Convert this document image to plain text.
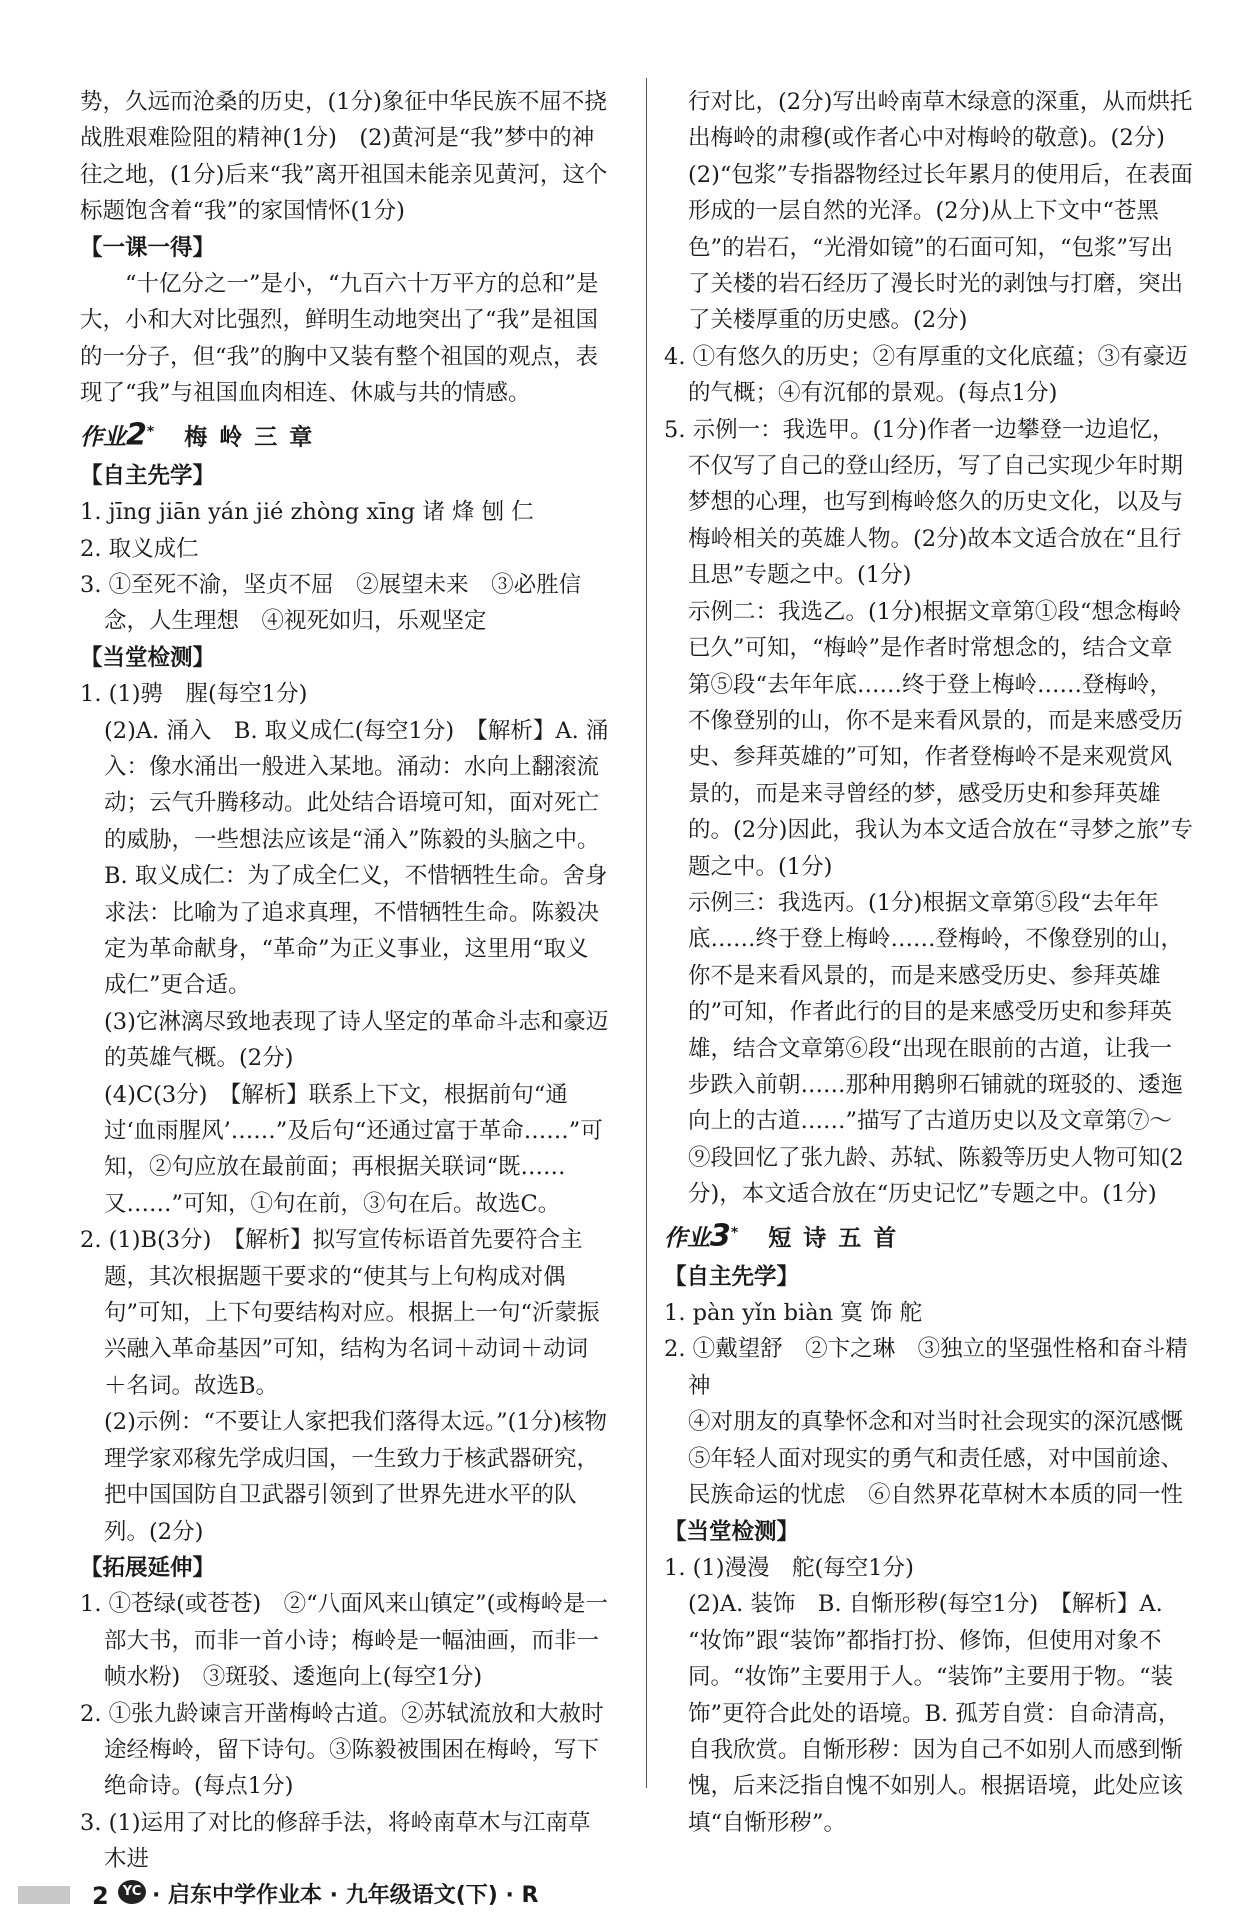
势，久远而沧桑的历史，(1分)象征中华民族不屈不挠战胜艰难险阻的精神(1分)　(2)黄河是“我”梦中的神往之地，(1分)后来“我”离开祖国未能亲见黄河，这个标题饱含着“我”的家国情怀(1分)

【一课一得】

“十亿分之一”是小，“九百六十万平方的总和”是大，小和大对比强烈，鲜明生动地突出了“我”是祖国的一分子，但“我”的胸中又装有整个祖国的观点，表现了“我”与祖国血肉相连、休戚与共的情感。

作业2* 梅岭三章

【自主先学】

1. jīng jiān yán jié zhòng xīng 诸 烽 刨 仁

2. 取义成仁

3. ①至死不渝，坚贞不屈　②展望未来　③必胜信念，人生理想　④视死如归，乐观坚定

【当堂检测】

1. (1)骋　腥(每空1分)

(2)A. 涌入　B. 取义成仁(每空1分)　【解析】A. 涌入：像水涌出一般进入某地。涌动：水向上翻滚流动；云气升腾移动。此处结合语境可知，面对死亡的威胁，一些想法应该是“涌入”陈毅的头脑之中。B. 取义成仁：为了成全仁义，不惜牺牲生命。舍身求法：比喻为了追求真理，不惜牺牲生命。陈毅决定为革命献身，“革命”为正义事业，这里用“取义成仁”更合适。

(3)它淋漓尽致地表现了诗人坚定的革命斗志和豪迈的英雄气概。(2分)

(4)C(3分)　【解析】联系上下文，根据前句“通过‘血雨腥风’……”及后句“还通过富于革命……”可知，②句应放在最前面；再根据关联词“既……又……”可知，①句在前，③句在后。故选C。

2. (1)B(3分)　【解析】拟写宣传标语首先要符合主题，其次根据题干要求的“使其与上句构成对偶句”可知，上下句要结构对应。根据上一句“沂蒙振兴融入革命基因”可知，结构为名词＋动词＋动词＋名词。故选B。

(2)示例：“不要让人家把我们落得太远。”(1分)核物理学家邓稼先学成归国，一生致力于核武器研究，把中国国防自卫武器引领到了世界先进水平的队列。(2分)

【拓展延伸】

1. ①苍绿(或苍苍)　②“八面风来山镇定”(或梅岭是一部大书，而非一首小诗；梅岭是一幅油画，而非一帧水粉)　③斑驳、逶迤向上(每空1分)

2. ①张九龄谏言开凿梅岭古道。②苏轼流放和大赦时途经梅岭，留下诗句。③陈毅被围困在梅岭，写下绝命诗。(每点1分)

3. (1)运用了对比的修辞手法，将岭南草木与江南草木进

行对比，(2分)写出岭南草木绿意的深重，从而烘托出梅岭的肃穆(或作者心中对梅岭的敬意)。(2分)

(2)“包浆”专指器物经过长年累月的使用后，在表面形成的一层自然的光泽。(2分)从上下文中“苍黑色”的岩石，“光滑如镜”的石面可知，“包浆”写出了关楼的岩石经历了漫长时光的剥蚀与打磨，突出了关楼厚重的历史感。(2分)

4. ①有悠久的历史；②有厚重的文化底蕴；③有豪迈的气概；④有沉郁的景观。(每点1分)

5. 示例一：我选甲。(1分)作者一边攀登一边追忆，不仅写了自己的登山经历，写了自己实现少年时期梦想的心理，也写到梅岭悠久的历史文化，以及与梅岭相关的英雄人物。(2分)故本文适合放在“且行且思”专题之中。(1分)

示例二：我选乙。(1分)根据文章第①段“想念梅岭已久”可知，“梅岭”是作者时常想念的，结合文章第⑤段“去年年底……终于登上梅岭……登梅岭，不像登别的山，你不是来看风景的，而是来感受历史、参拜英雄的”可知，作者登梅岭不是来观赏风景的，而是来寻曾经的梦，感受历史和参拜英雄的。(2分)因此，我认为本文适合放在“寻梦之旅”专题之中。(1分)

示例三：我选丙。(1分)根据文章第⑤段“去年年底……终于登上梅岭……登梅岭，不像登别的山，你不是来看风景的，而是来感受历史、参拜英雄的”可知，作者此行的目的是来感受历史和参拜英雄，结合文章第⑥段“出现在眼前的古道，让我一步跌入前朝……那种用鹅卵石铺就的斑驳的、逶迤向上的古道……”描写了古道历史以及文章第⑦～⑨段回忆了张九龄、苏轼、陈毅等历史人物可知(2分)，本文适合放在“历史记忆”专题之中。(1分)

作业3* 短诗五首

【自主先学】

1. pàn yǐn biàn 寞 饰 舵

2. ①戴望舒　②卞之琳　③独立的坚强性格和奋斗精神

④对朋友的真挚怀念和对当时社会现实的深沉感慨

⑤年轻人面对现实的勇气和责任感，对中国前途、民族命运的忧虑　⑥自然界花草树木本质的同一性

【当堂检测】

1. (1)漫漫　舵(每空1分)

(2)A. 装饰　B. 自惭形秽(每空1分)　【解析】A. “妆饰”跟“装饰”都指打扮、修饰，但使用对象不同。“妆饰”主要用于人。“装饰”主要用于物。“装饰”更符合此处的语境。B. 孤芳自赏：自命清高，自我欣赏。自惭形秽：因为自己不如别人而感到惭愧，后来泛指自愧不如别人。根据语境，此处应该填“自惭形秽”。

2	YC · 启东中学作业本 · 九年级语文(下) · R
